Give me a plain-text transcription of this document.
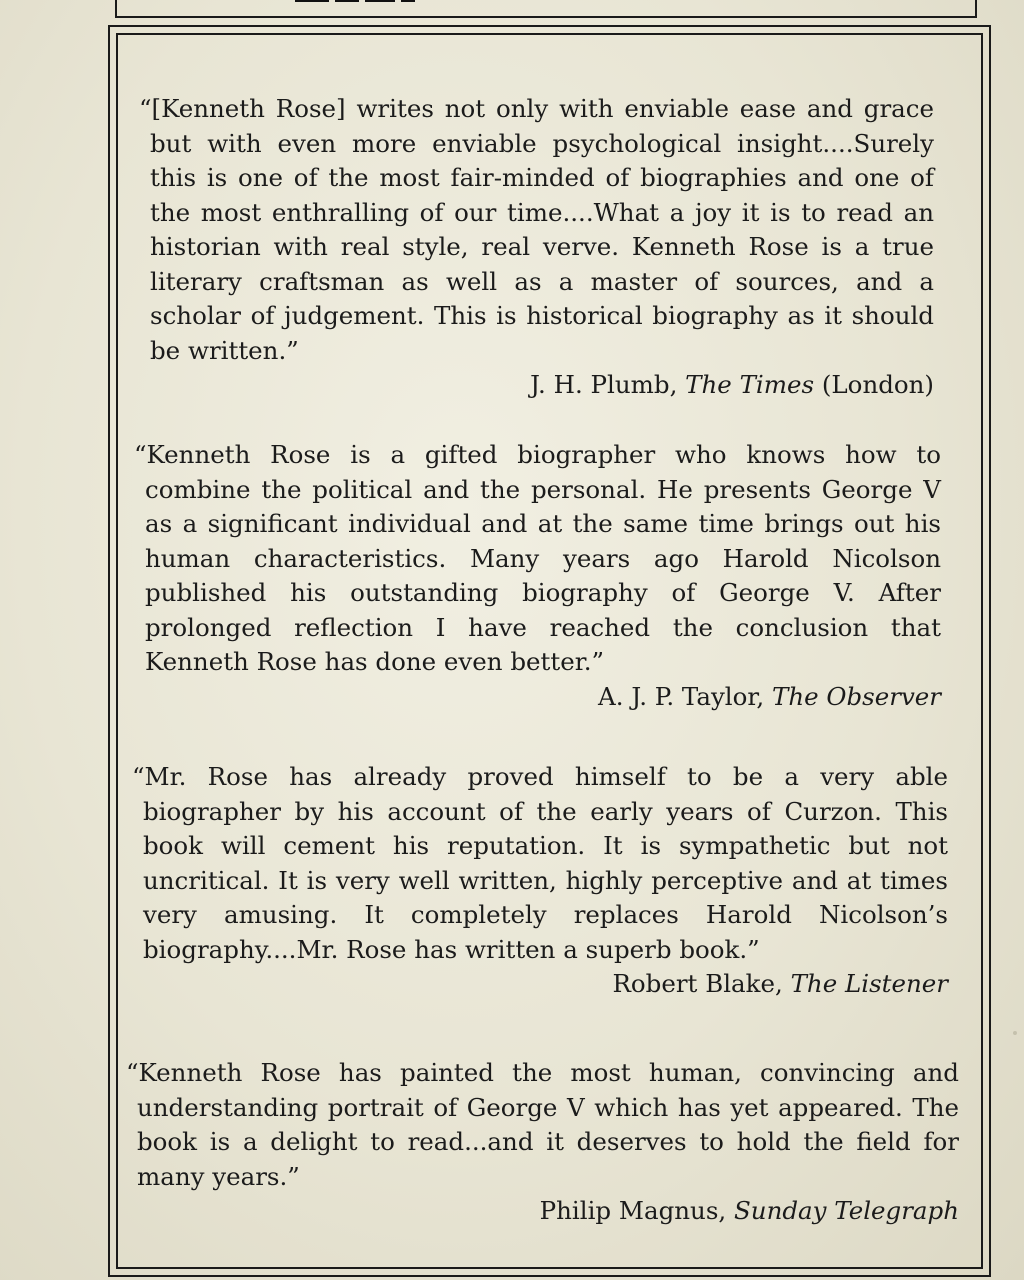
“[Kenneth Rose] writes not only with enviable ease and grace but with even more enviable psychological insight....Surely this is one of the most fair-minded of biographies and one of the most enthralling of our time....What a joy it is to read an historian with real style, real verve. Kenneth Rose is a true literary craftsman as well as a master of sources, and a scholar of judgement. This is historical biography as it should be written.”

J. H. Plumb, The Times (London)

“Kenneth Rose is a gifted biographer who knows how to combine the political and the personal. He presents George V as a significant individual and at the same time brings out his human characteristics. Many years ago Harold Nicolson published his outstanding biography of George V. After prolonged reflection I have reached the conclusion that Kenneth Rose has done even better.”

A. J. P. Taylor, The Observer

“Mr. Rose has already proved himself to be a very able biographer by his account of the early years of Curzon. This book will cement his reputation. It is sympathetic but not uncritical. It is very well written, highly perceptive and at times very amusing. It completely replaces Harold Nicolson’s biography....Mr. Rose has written a superb book.”

Robert Blake, The Listener

“Kenneth Rose has painted the most human, convincing and understanding portrait of George V which has yet appeared. The book is a delight to read...and it deserves to hold the field for many years.”

Philip Magnus, Sunday Telegraph
